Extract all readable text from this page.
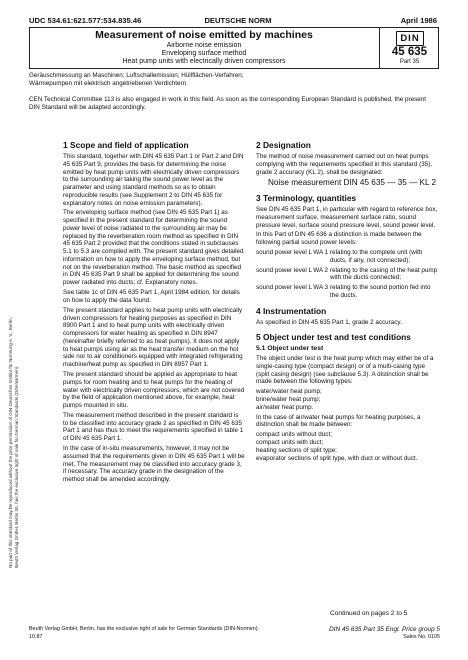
No part of this standard may be reproduced without the prior permission of DIN Deutsches Institut für Normung e. V., Berlin. Beuth Verlag GmbH, Berlin 30, has the exclusive right of sale for German Standards (DIN-Normen).
UDC 534.61:621.577:534.835.46	DEUTSCHE NORM	April 1986
Measurement of noise emitted by machines
Airborne noise emission
Enveloping surface method
Heat pump units with electrically driven compressors
DIN
45 635
Part 35
Geräuschmessung an Maschinen; Luftschallemission; Hüllflächen-Verfahren;
Wärmepumpen mit elektrisch angetriebenen Verdichtern
CEN Technical Committee 113 is also engaged in work in this field. As soon as the corresponding European Standard is published, the present DIN Standard will be adapted accordingly.
1 Scope and field of application

This standard, together with DIN 45 635 Part 1 or Part 2 and DIN 45 635 Part 9, provides the basis for determining the noise emitted by heat pump units with electrically driven compressors to the surrounding air taking the sound power level as the parameter and using standard methods so as to obtain reproducible results (see Supplement 2 to DIN 45 635 for explanatory notes on noise emission parameters).

The enveloping surface method (see DIN 45 635 Part 1) as specified in the present standard for determining the sound power level of noise radiated to the surrounding air may be replaced by the reverberation room method as specified in DIN 45 635 Part 2 provided that the conditions stated in subclauses 5.1 to 5.3 are complied with. The present standard gives detailed information on how to apply the enveloping surface method, but not on the reverberation method. The basic method as specified in DIN 45 635 Part 9 shall be applied for determining the sound power radiated into ducts; cf. Explanatory notes.

See table 1c of DIN 45 635 Part 1, April 1984 edition, for details on how to apply the data found.

The present standard applies to heat pump units with electrically driven compressors for heating purposes as specified in DIN 8900 Part 1 and to heat pump units with electrically driven compressors for water heating as specified in DIN 8947 (hereinafter briefly referred to as heat pumps). It does not apply to heat pumps using air as the heat transfer medium on the hot side nor to air conditioners equipped with integrated refrigerating machine/heat pump as specified in DIN 8957 Part 1.

The present standard should be applied as appropriate to heat pumps for room heating and to heat pumps for the heating of water with electrically driven compressors, which are not covered by the field of application mentioned above, for example, heat pumps mounted in situ.

The measurement method described in the present standard is to be classified into accuracy grade 2 as specified in DIN 45 635 Part 1 and has thus to meet the requirements specified in table 1 of DIN 45 635 Part 1.

In the case of in-situ measurements, however, it may not be assumed that the requirements given in DIN 45 635 Part 1 will be met. The measurement may be classified into accuracy grade 3, if necessary. The accuracy grade in the designation of the method shall be amended accordingly.

2 Designation

The method of noise measurement carried out on heat pumps complying with the requirements specified in this standard (35), grade 2 accuracy (KL 2), shall be designated:

Noise measurement DIN 45 635 — 35 — KL 2
3 Terminology, quantities

See DIN 45 635 Part 1, in particular with regard to reference box, measurement surface, measurement surface ratio, sound pressure level, surface sound pressure level, sound power level.

In this Part of DIN 45 636 a distinction is made between the following partial sound power levels:

sound power level L WA 1 relating to the complete unit (with ducts, if any, not connected);
sound power level L WA 2 relating to the casing of the heat pump with the ducts connected;
sound power level L WA 3 relating to the sound portion fed into the ducts.
4 Instrumentation

As specified in DIN 45 635 Part 1, grade 2 accuracy.

5 Object under test and test conditions
5.1 Object under test

The object under test is the heat pump which may either be of a single-casing type (compact design) or of a multi-casing type (split casing design) (see subclause 5.3). A distinction shall be made between the following types:

water/water heat pump;
brine/water heat pump;
air/water heat pump.

In the case of air/water heat pumps for heating purposes, a distinction shall be made between:

compact units without duct;
compact units with duct;
heating sections of split type;
evaporator sections of split type, with duct or without duct.
Continued on pages 2 to 5
Beuth Verlag GmbH, Berlin, has the exclusive right of sale for German Standards (DIN-Normen).
10.87
DIN 45 635 Part 35 Engl. Price group 5
Sales No. 0105
